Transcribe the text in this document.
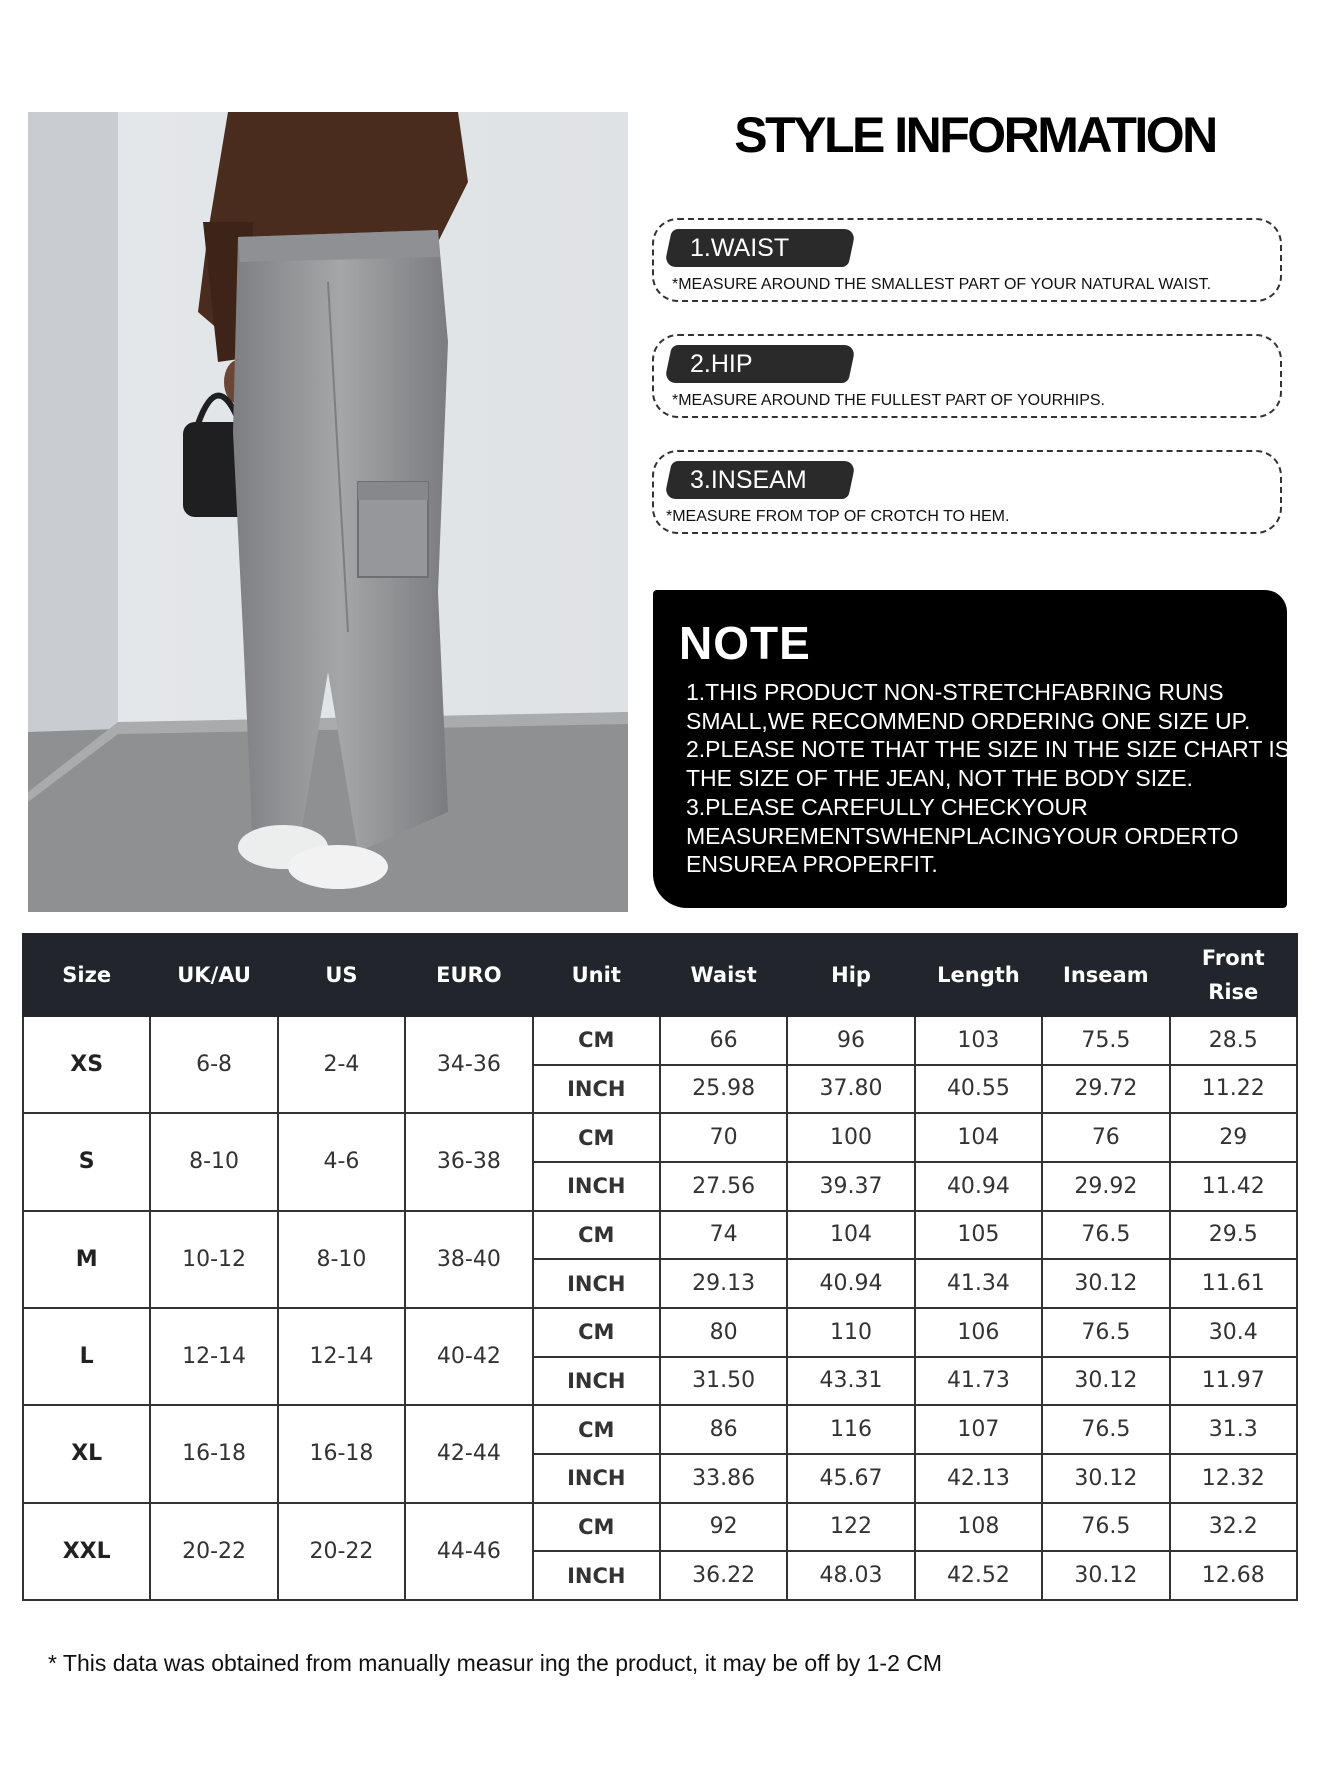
STYLE INFORMATION
1.WAIST
*MEASURE AROUND THE SMALLEST PART OF YOUR NATURAL WAIST.
2.HIP
*MEASURE AROUND THE FULLEST PART OF YOURHIPS.
3.INSEAM
*MEASURE FROM TOP OF CROTCH TO HEM.
NOTE
1.THIS PRODUCT NON-STRETCHFABRING RUNS
SMALL,WE RECOMMEND ORDERING ONE SIZE UP.
2.PLEASE NOTE THAT THE SIZE IN THE SIZE CHART IS
THE SIZE OF THE JEAN, NOT THE BODY SIZE.
3.PLEASE CAREFULLY CHECKYOUR
MEASUREMENTSWHENPLACINGYOUR ORDERTO
ENSUREA PROPERFIT.
Size	UK/AU	US	EURO	Unit	Waist	Hip	Length	Inseam	Front Rise
XS	6-8	2-4	34-36	CM	66	96	103	75.5	28.5
				INCH	25.98	37.80	40.55	29.72	11.22
S	8-10	4-6	36-38	CM	70	100	104	76	29
				INCH	27.56	39.37	40.94	29.92	11.42
M	10-12	8-10	38-40	CM	74	104	105	76.5	29.5
				INCH	29.13	40.94	41.34	30.12	11.61
L	12-14	12-14	40-42	CM	80	110	106	76.5	30.4
				INCH	31.50	43.31	41.73	30.12	11.97
XL	16-18	16-18	42-44	CM	86	116	107	76.5	31.3
				INCH	33.86	45.67	42.13	30.12	12.32
XXL	20-22	20-22	44-46	CM	92	122	108	76.5	32.2
				INCH	36.22	48.03	42.52	30.12	12.68
* This data was obtained from manually measur ing the product, it may be off by 1-2 CM
